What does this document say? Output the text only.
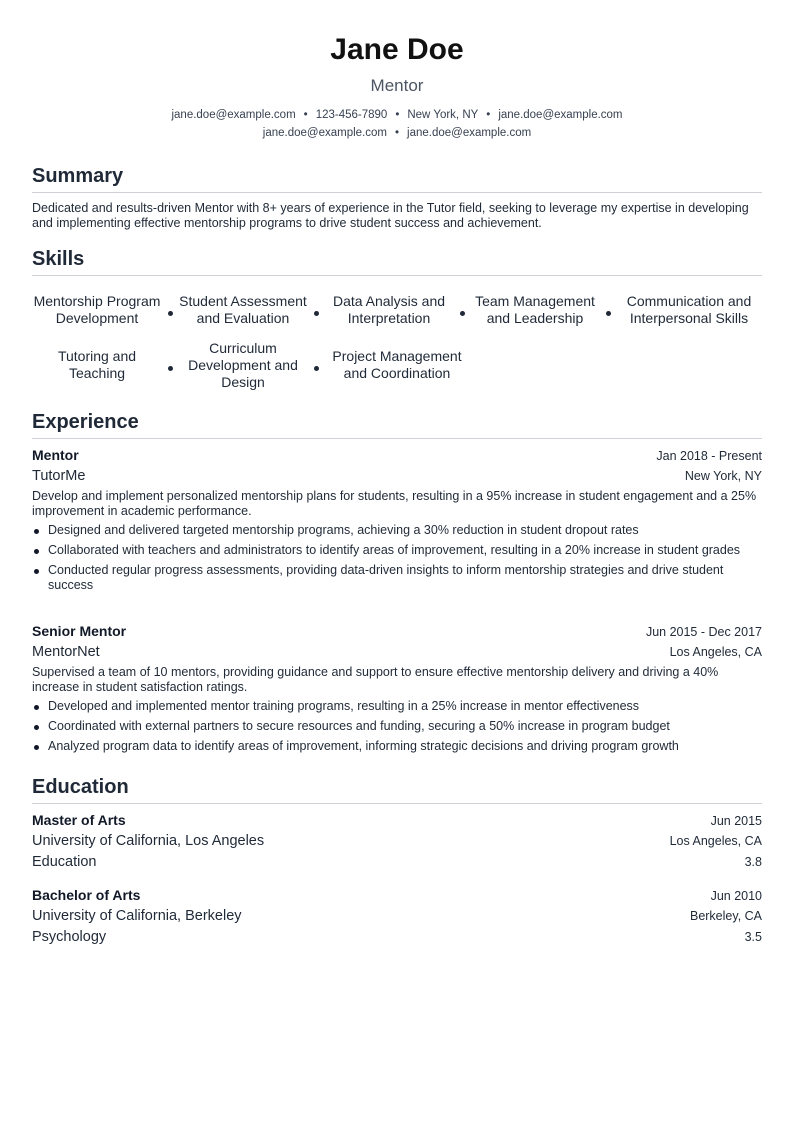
Jane Doe
Mentor
jane.doe@example.com • 123-456-7890 • New York, NY • jane.doe@example.com
jane.doe@example.com • jane.doe@example.com
Summary
Dedicated and results-driven Mentor with 8+ years of experience in the Tutor field, seeking to leverage my expertise in developing and implementing effective mentorship programs to drive student success and achievement.
Skills
Mentorship Program Development
Student Assessment and Evaluation
Data Analysis and Interpretation
Team Management and Leadership
Communication and Interpersonal Skills
Tutoring and Teaching
Curriculum Development and Design
Project Management and Coordination
Experience
Mentor	Jan 2018 - Present
TutorMe	New York, NY
Develop and implement personalized mentorship plans for students, resulting in a 95% increase in student engagement and a 25% improvement in academic performance.
Designed and delivered targeted mentorship programs, achieving a 30% reduction in student dropout rates
Collaborated with teachers and administrators to identify areas of improvement, resulting in a 20% increase in student grades
Conducted regular progress assessments, providing data-driven insights to inform mentorship strategies and drive student success
Senior Mentor	Jun 2015 - Dec 2017
MentorNet	Los Angeles, CA
Supervised a team of 10 mentors, providing guidance and support to ensure effective mentorship delivery and driving a 40% increase in student satisfaction ratings.
Developed and implemented mentor training programs, resulting in a 25% increase in mentor effectiveness
Coordinated with external partners to secure resources and funding, securing a 50% increase in program budget
Analyzed program data to identify areas of improvement, informing strategic decisions and driving program growth
Education
Master of Arts	Jun 2015
University of California, Los Angeles	Los Angeles, CA
Education	3.8
Bachelor of Arts	Jun 2010
University of California, Berkeley	Berkeley, CA
Psychology	3.5
